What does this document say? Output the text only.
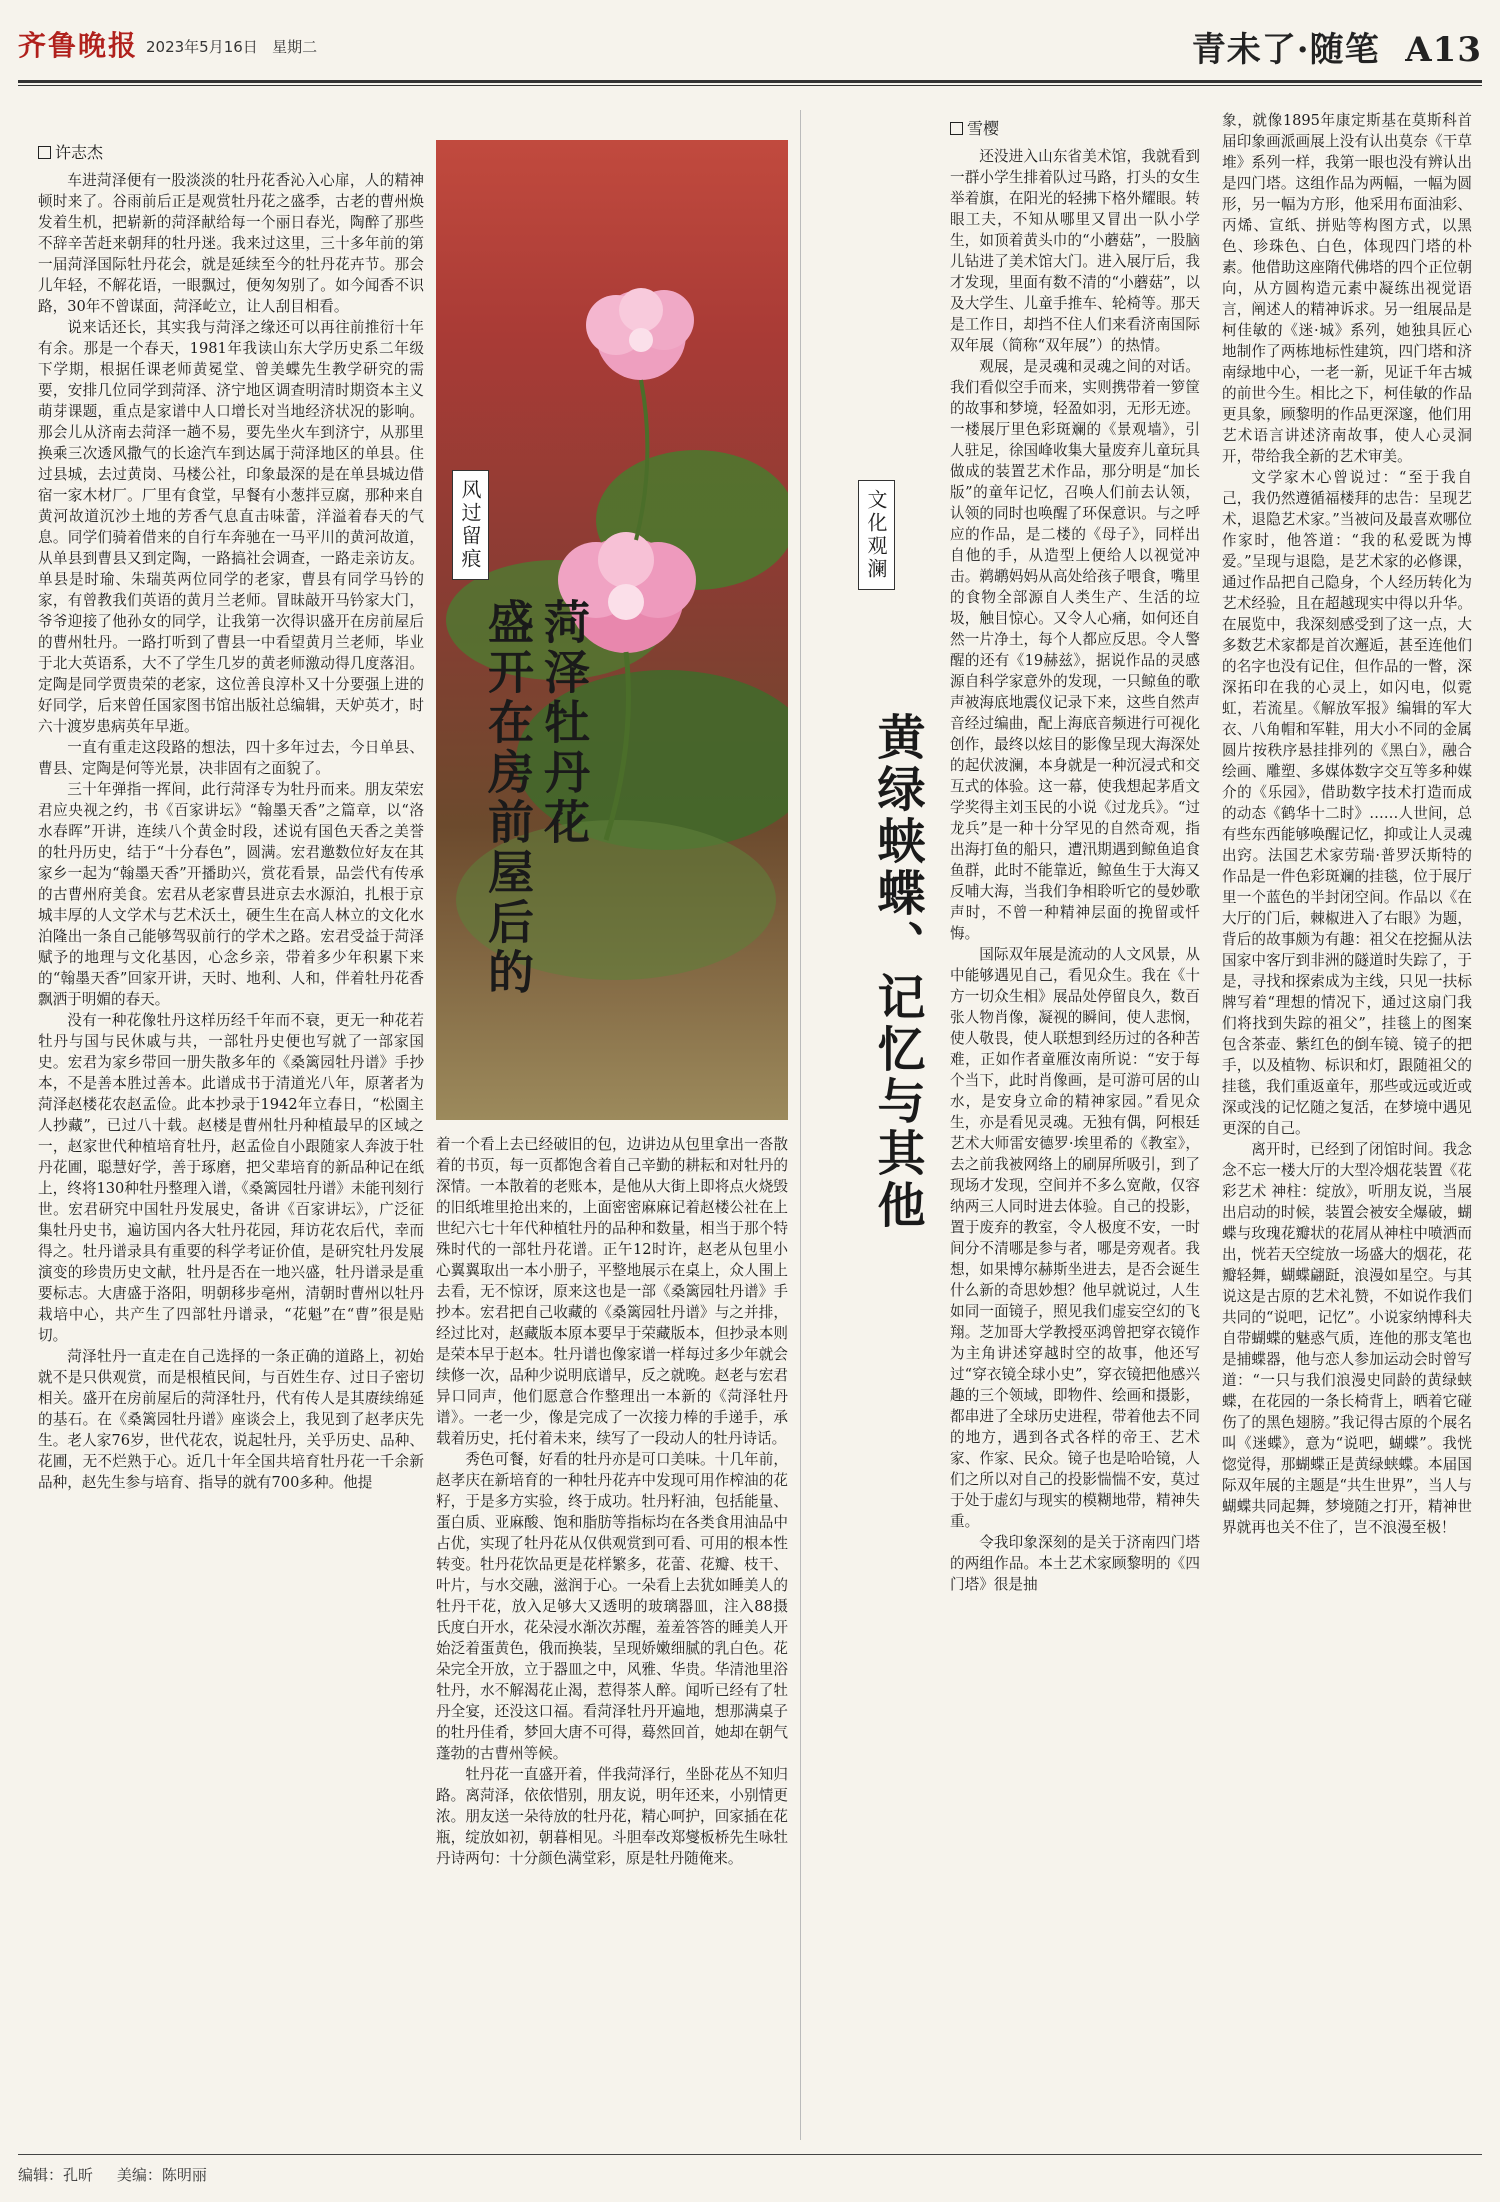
齐鲁晚报 2023年5月16日 星期二	青未了·随笔 A13
许志杰

车进菏泽便有一股淡淡的牡丹花香沁入心扉，人的精神顿时来了。谷雨前后正是观赏牡丹花之盛季，古老的曹州焕发着生机，把崭新的菏泽献给每一个丽日春光，陶醉了那些不辞辛苦赶来朝拜的牡丹迷。我来过这里，三十多年前的第一届菏泽国际牡丹花会，就是延续至今的牡丹花卉节。那会儿年轻，不解花语，一眼飘过，便匆匆别了。如今闻香不识路，30年不曾谋面，菏泽屹立，让人刮目相看。

说来话还长，其实我与菏泽之缘还可以再往前推衍十年有余。那是一个春天，1981年我读山东大学历史系二年级下学期，根据任课老师黄冕堂、曾美蝶先生教学研究的需要，安排几位同学到菏泽、济宁地区调查明清时期资本主义萌芽课题，重点是家谱中人口增长对当地经济状况的影响。那会儿从济南去菏泽一趟不易，要先坐火车到济宁，从那里换乘三次透风撒气的长途汽车到达属于菏泽地区的单县。住过县城，去过黄岗、马楼公社，印象最深的是在单县城边借宿一家木材厂。厂里有食堂，早餐有小葱拌豆腐，那种来自黄河故道沉沙土地的芳香气息直击味蕾，洋溢着春天的气息。同学们骑着借来的自行车奔驰在一马平川的黄河故道，从单县到曹县又到定陶，一路搞社会调查，一路走亲访友。单县是时瑜、朱瑞英两位同学的老家，曹县有同学马钤的家，有曾教我们英语的黄月兰老师。冒昧敲开马钤家大门，爷爷迎接了他孙女的同学，让我第一次得识盛开在房前屋后的曹州牡丹。一路打听到了曹县一中看望黄月兰老师，毕业于北大英语系，大不了学生几岁的黄老师激动得几度落泪。定陶是同学贾贵荣的老家，这位善良淳朴又十分要强上进的好同学，后来曾任国家图书馆出版社总编辑，天妒英才，时六十渡岁患病英年早逝。

一直有重走这段路的想法，四十多年过去，今日单县、曹县、定陶是何等光景，决非固有之面貌了。

三十年弹指一挥间，此行菏泽专为牡丹而来。朋友荣宏君应央视之约，书《百家讲坛》“翰墨天香”之篇章，以“洛水春晖”开讲，连续八个黄金时段，述说有国色天香之美誉的牡丹历史，结于“十分春色”，圆满。宏君邀数位好友在其家乡一起为“翰墨天香”开播助兴，赏花看景，品尝代有传承的古曹州府美食。宏君从老家曹县进京去水源泊，扎根于京城丰厚的人文学术与艺术沃土，硬生生在高人林立的文化水泊隆出一条自己能够驾驭前行的学术之路。宏君受益于菏泽赋予的地理与文化基因，心念乡亲，带着多少年积累下来的“翰墨天香”回家开讲，天时、地利、人和，伴着牡丹花香飘洒于明媚的春天。

没有一种花像牡丹这样历经千年而不衰，更无一种花若牡丹与国与民休戚与共，一部牡丹史便也写就了一部家国史。宏君为家乡带回一册失散多年的《桑篱园牡丹谱》手抄本，不是善本胜过善本。此谱成书于清道光八年，原著者为菏泽赵楼花农赵孟俭。此本抄录于1942年立春日，“松園主人抄藏”，已过八十载。赵楼是曹州牡丹种植最早的区域之一，赵家世代种植培育牡丹，赵孟俭自小跟随家人奔波于牡丹花圃，聪慧好学，善于琢磨，把父辈培育的新品种记在纸上，终将130种牡丹整理入谱，《桑篱园牡丹谱》未能刊刻行世。宏君研究中国牡丹发展史，备讲《百家讲坛》，广泛征集牡丹史书，遍访国内各大牡丹花园，拜访花农后代，幸而得之。牡丹谱录具有重要的科学考证价值，是研究牡丹发展演变的珍贵历史文献，牡丹是否在一地兴盛，牡丹谱录是重要标志。大唐盛于洛阳，明朝移步亳州，清朝时曹州以牡丹栽培中心，共产生了四部牡丹谱录，“花魁”在“曹”很是贴切。

菏泽牡丹一直走在自己选择的一条正确的道路上，初始就不是只供观赏，而是根植民间，与百姓生存、过日子密切相关。盛开在房前屋后的菏泽牡丹，代有传人是其赓续绵延的基石。在《桑篱园牡丹谱》座谈会上，我见到了赵孝庆先生。老人家76岁，世代花农，说起牡丹，关乎历史、品种、花圃，无不烂熟于心。近几十年全国共培育牡丹花一千余新品种，赵先生参与培育、指导的就有700多种。他提

风过留痕
菏泽牡丹花
盛开在房前屋后的

着一个看上去已经破旧的包，边讲边从包里拿出一沓散着的书页，每一页都饱含着自己辛勤的耕耘和对牡丹的深情。一本散着的老账本，是他从大街上即将点火烧毁的旧纸堆里抢出来的，上面密密麻麻记着赵楼公社在上世纪六七十年代种植牡丹的品种和数量，相当于那个特殊时代的一部牡丹花谱。正午12时许，赵老从包里小心翼翼取出一本小册子，平整地展示在桌上，众人围上去看，无不惊讶，原来这也是一部《桑篱园牡丹谱》手抄本。宏君把自己收藏的《桑篱园牡丹谱》与之并排，经过比对，赵藏版本原本要早于荣藏版本，但抄录本则是荣本早于赵本。牡丹谱也像家谱一样每过多少年就会续修一次，品种少说明底谱早，反之就晚。赵老与宏君异口同声，他们愿意合作整理出一本新的《菏泽牡丹谱》。一老一少，像是完成了一次接力棒的手递手，承载着历史，托付着未来，续写了一段动人的牡丹诗话。

秀色可餐，好看的牡丹亦是可口美味。十几年前，赵孝庆在新培育的一种牡丹花卉中发现可用作榨油的花籽，于是多方实验，终于成功。牡丹籽油，包括能量、蛋白质、亚麻酸、饱和脂肪等指标均在各类食用油品中占优，实现了牡丹花从仅供观赏到可看、可用的根本性转变。牡丹花饮品更是花样繁多，花蕾、花瓣、枝干、叶片，与水交融，滋润于心。一朵看上去犹如睡美人的牡丹干花，放入足够大又透明的玻璃器皿，注入88摄氏度白开水，花朵浸水渐次苏醒，羞羞答答的睡美人开始泛着蛋黄色，俄而换装，呈现娇嫩细腻的乳白色。花朵完全开放，立于器皿之中，风雅、华贵。华清池里浴牡丹，水不解渴花止渴，惹得茶人醉。闻听已经有了牡丹全宴，还没这口福。看菏泽牡丹开遍地，想那满桌子的牡丹佳肴，梦回大唐不可得，蓦然回首，她却在朝气蓬勃的古曹州等候。

牡丹花一直盛开着，伴我菏泽行，坐卧花丛不知归路。离菏泽，依依惜别，朋友说，明年还来，小别情更浓。朋友送一朵待放的牡丹花，精心呵护，回家插在花瓶，绽放如初，朝暮相见。斗胆奉改郑燮板桥先生咏牡丹诗两句：十分颜色满堂彩，原是牡丹随俺来。

文化观澜
黄绿蛱蝶、记忆与其他
雪樱

还没进入山东省美术馆，我就看到一群小学生排着队过马路，打头的女生举着旗，在阳光的轻拂下格外耀眼。转眼工夫，不知从哪里又冒出一队小学生，如顶着黄头巾的“小蘑菇”，一股脑儿钻进了美术馆大门。进入展厅后，我才发现，里面有数不清的“小蘑菇”，以及大学生、儿童手推车、轮椅等。那天是工作日，却挡不住人们来看济南国际双年展（简称“双年展”）的热情。

观展，是灵魂和灵魂之间的对话。我们看似空手而来，实则携带着一箩筐的故事和梦境，轻盈如羽，无形无迹。一楼展厅里色彩斑斓的《景观墙》，引人驻足，徐国峰收集大量废弃儿童玩具做成的装置艺术作品，那分明是“加长版”的童年记忆，召唤人们前去认领，认领的同时也唤醒了环保意识。与之呼应的作品，是二楼的《母子》，同样出自他的手，从造型上便给人以视觉冲击。鹈鹕妈妈从高处给孩子喂食，嘴里的食物全部源自人类生产、生活的垃圾，触目惊心。又令人心痛，如何还自然一片净土，每个人都应反思。令人警醒的还有《19赫兹》，据说作品的灵感源自科学家意外的发现，一只鲸鱼的歌声被海底地震仪记录下来，这些自然声音经过编曲，配上海底音频进行可视化创作，最终以炫目的影像呈现大海深处的起伏波澜，本身就是一种沉浸式和交互式的体验。这一幕，使我想起茅盾文学奖得主刘玉民的小说《过龙兵》。“过龙兵”是一种十分罕见的自然奇观，指出海打鱼的船只，遭汛期遇到鲸鱼追食鱼群，此时不能靠近，鲸鱼生于大海又反哺大海，当我们争相聆听它的曼妙歌声时，不曾一种精神层面的挽留或忏悔。

国际双年展是流动的人文风景，从中能够遇见自己，看见众生。我在《十方一切众生相》展品处停留良久，数百张人物肖像，凝视的瞬间，使人悲悯，使人敬畏，使人联想到经历过的各种苦难，正如作者童雁汝南所说：“安于每个当下，此时肖像画，是可游可居的山水，是安身立命的精神家园。”看见众生，亦是看见灵魂。无独有偶，阿根廷艺术大师雷安德罗·埃里希的《教室》，去之前我被网络上的刷屏所吸引，到了现场才发现，空间并不多么宽敞，仅容纳两三人同时进去体验。自己的投影，置于废弃的教室，令人极度不安，一时间分不清哪是参与者，哪是旁观者。我想，如果博尔赫斯坐进去，是否会诞生什么新的奇思妙想？他早就说过，人生如同一面镜子，照见我们虚妄空幻的飞翔。芝加哥大学教授巫鸿曾把穿衣镜作为主角讲述穿越时空的故事，他还写过“穿衣镜全球小史”，穿衣镜把他感兴趣的三个领域，即物件、绘画和摄影，都串进了全球历史进程，带着他去不同的地方，遇到各式各样的帝王、艺术家、作家、民众。镜子也是哈哈镜，人们之所以对自己的投影惴惴不安，莫过于处于虚幻与现实的模糊地带，精神失重。

令我印象深刻的是关于济南四门塔的两组作品。本土艺术家顾黎明的《四门塔》很是抽

象，就像1895年康定斯基在莫斯科首届印象画派画展上没有认出莫奈《干草堆》系列一样，我第一眼也没有辨认出是四门塔。这组作品为两幅，一幅为圆形，另一幅为方形，他采用布面油彩、丙烯、宣纸、拼贴等构图方式，以黑色、珍珠色、白色，体现四门塔的朴素。他借助这座隋代佛塔的四个正位朝向，从方圆构造元素中凝练出视觉语言，阐述人的精神诉求。另一组展品是柯佳敏的《迷·城》系列，她独具匠心地制作了两栋地标性建筑，四门塔和济南绿地中心，一老一新，见证千年古城的前世今生。相比之下，柯佳敏的作品更具象，顾黎明的作品更深邃，他们用艺术语言讲述济南故事，使人心灵洞开，带给我全新的艺术审美。

文学家木心曾说过：“至于我自己，我仍然遵循福楼拜的忠告：呈现艺术，退隐艺术家。”当被问及最喜欢哪位作家时，他答道：“我的私爱既为博爱。”呈现与退隐，是艺术家的必修课，通过作品把自己隐身，个人经历转化为艺术经验，且在超越现实中得以升华。在展览中，我深刻感受到了这一点，大多数艺术家都是首次邂逅，甚至连他们的名字也没有记住，但作品的一瞥，深深拓印在我的心灵上，如闪电，似霓虹，若流星。《解放军报》编辑的军大衣、八角帽和军鞋，用大小不同的金属圆片按秩序悬挂排列的《黑白》，融合绘画、雕塑、多媒体数字交互等多种媒介的《乐园》，借助数字技术打造而成的动态《鹤华十二时》……人世间，总有些东西能够唤醒记忆，抑或让人灵魂出窍。法国艺术家劳瑞·普罗沃斯特的作品是一件色彩斑斓的挂毯，位于展厅里一个蓝色的半封闭空间。作品以《在大厅的门后，棘椒进入了右眼》为题，背后的故事颇为有趣：祖父在挖掘从法国家中客厅到非洲的隧道时失踪了，于是，寻找和探索成为主线，只见一扶标牌写着“理想的情况下，通过这扇门我们将找到失踪的祖父”，挂毯上的图案包含茶壶、紫红色的倒车镜、镜子的把手，以及植物、标识和灯，跟随祖父的挂毯，我们重返童年，那些或远或近或深或浅的记忆随之复活，在梦境中遇见更深的自己。

离开时，已经到了闭馆时间。我念念不忘一楼大厅的大型冷烟花装置《花彩艺术 神柱：绽放》，听朋友说，当展出启动的时候，装置会被安全爆破，蝴蝶与玫瑰花瓣状的花屑从神柱中喷洒而出，恍若天空绽放一场盛大的烟花，花瓣轻舞，蝴蝶翩跹，浪漫如星空。与其说这是古原的艺术礼赞，不如说作我们共同的“说吧，记忆”。小说家纳博科夫自带蝴蝶的魅惑气质，连他的那支笔也是捕蝶器，他与恋人参加运动会时曾写道：“一只与我们浪漫史同龄的黄绿蛱蝶，在花园的一条长椅背上，晒着它碰伤了的黑色翅膀。”我记得古原的个展名叫《迷蝶》，意为“说吧，蝴蝶”。我恍惚觉得，那蝴蝶正是黄绿蛱蝶。本届国际双年展的主题是“共生世界”，当人与蝴蝶共同起舞，梦境随之打开，精神世界就再也关不住了，岂不浪漫至极！

编辑：孔昕 美编：陈明丽
